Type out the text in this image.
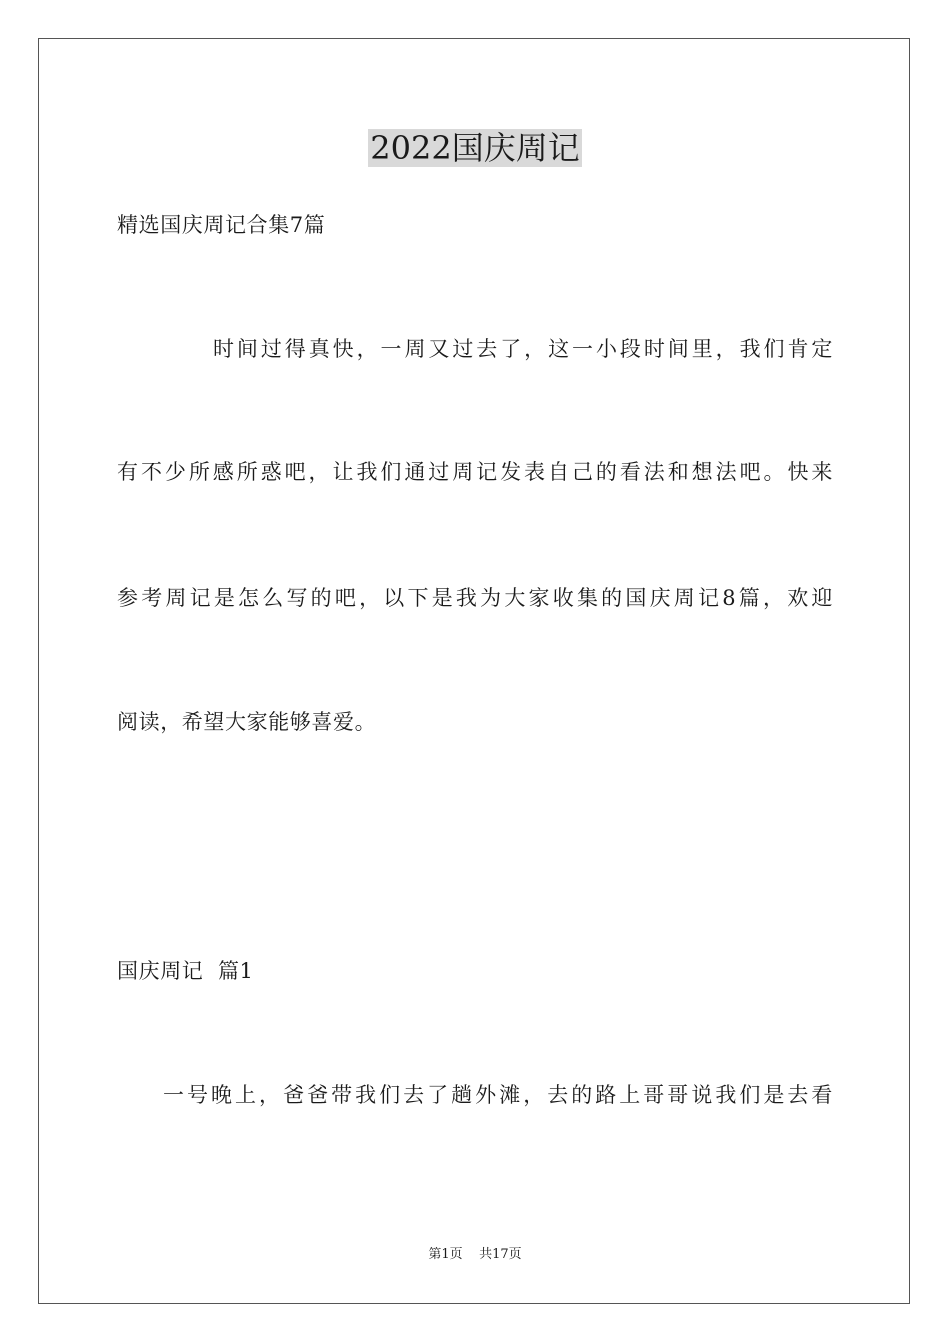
2022国庆周记
精选国庆周记合集7篇
时间过得真快，一周又过去了，这一小段时间里，我们肯定
有不少所感所惑吧，让我们通过周记发表自己的看法和想法吧。快来
参考周记是怎么写的吧，以下是我为大家收集的国庆周记8篇，欢迎
阅读，希望大家能够喜爱。
国庆周记  篇1
一号晚上，爸爸带我们去了趟外滩，去的路上哥哥说我们是去看
第1页    共17页
